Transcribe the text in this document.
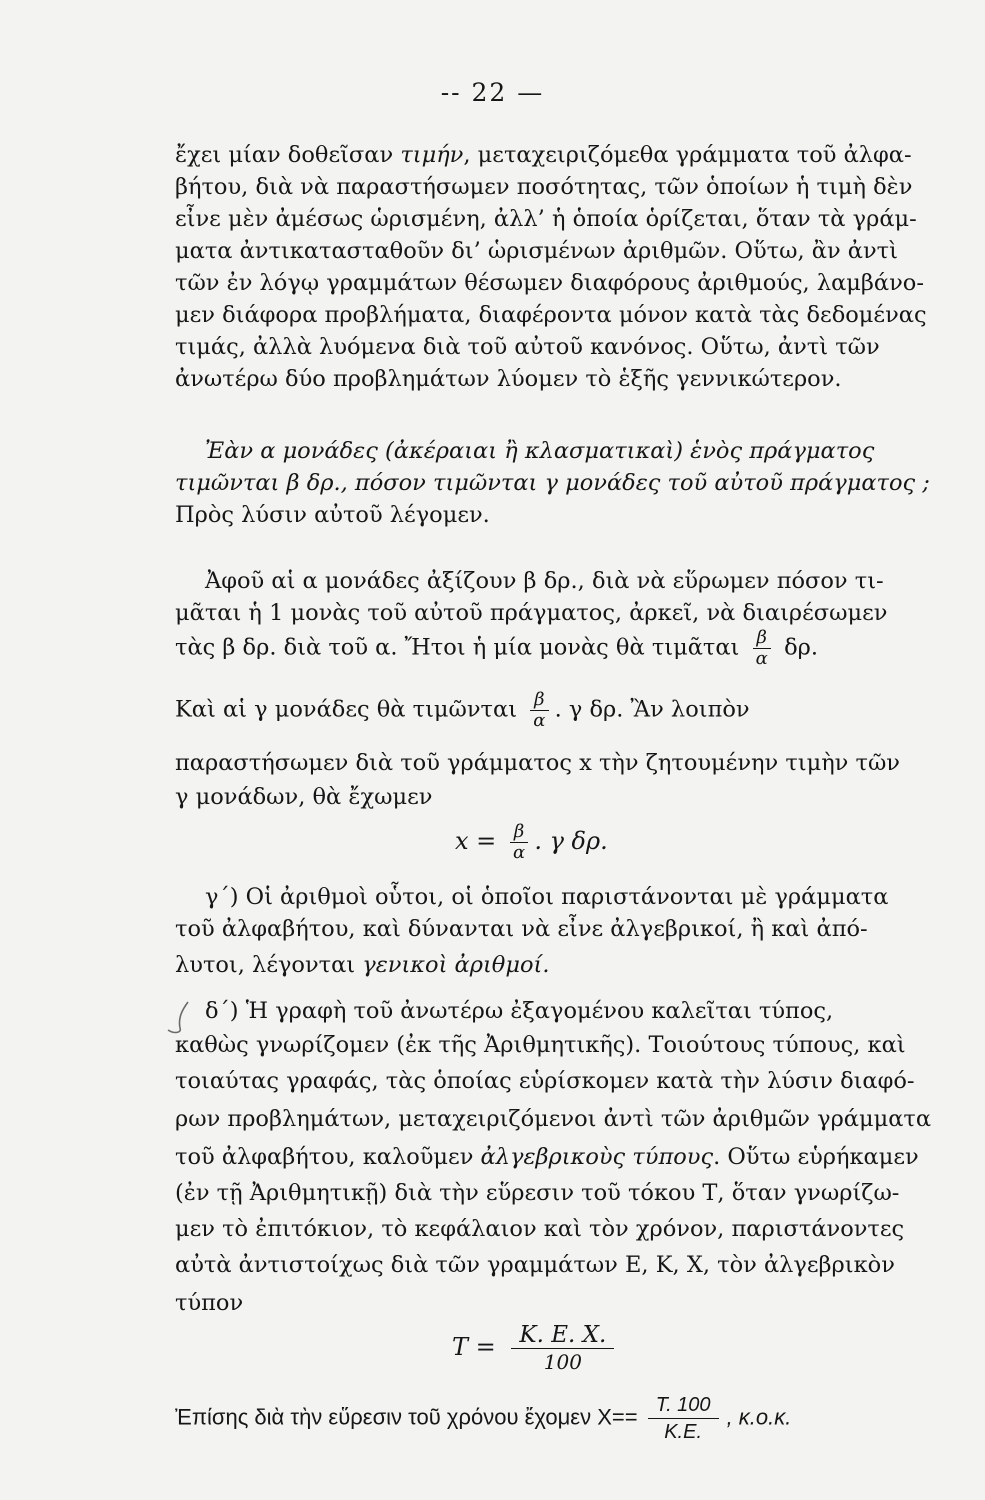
-- 22 —
ἔχει μίαν δοθεῖσαν τιμήν, μεταχειριζόμεθα γράμματα τοῦ ἀλφα-
βήτου, διὰ νὰ παραστήσωμεν ποσότητας, τῶν ὁποίων ἡ τιμὴ δὲν
εἶνε μὲν ἀμέσως ὡρισμένη, ἀλλ’ ἡ ὁποία ὁρίζεται, ὅταν τὰ γράμ-
ματα ἀντικατασταθοῦν δι’ ὡρισμένων ἀριθμῶν. Οὕτω, ἂν ἀντὶ
τῶν ἐν λόγῳ γραμμάτων θέσωμεν διαφόρους ἀριθμούς, λαμβάνο-
μεν διάφορα προβλήματα, διαφέροντα μόνον κατὰ τὰς δεδομένας
τιμάς, ἀλλὰ λυόμενα διὰ τοῦ αὐτοῦ κανόνος. Οὕτω, ἀντὶ τῶν
ἀνωτέρω δύο προβλημάτων λύομεν τὸ ἑξῆς γεννικώτερον.
Ἐὰν α μονάδες (ἀκέραιαι ἢ κλασματικαὶ) ἑνὸς πράγματος
τιμῶνται β δρ., πόσον τιμῶνται γ μονάδες τοῦ αὐτοῦ πράγματος ;
Πρὸς λύσιν αὐτοῦ λέγομεν.
Ἀφοῦ αἱ α μονάδες ἀξίζουν β δρ., διὰ νὰ εὕρωμεν πόσον τι-
μᾶται ἡ 1 μονὰς τοῦ αὐτοῦ πράγματος, ἀρκεῖ, νὰ διαιρέσωμεν
τὰς β δρ. διὰ τοῦ α. Ἤτοι ἡ μία μονὰς θὰ τιμᾶται $\frac{\beta}{\alpha} \delta\rho$.
Καὶ αἱ γ μονάδες θὰ τιμῶνται $\frac{\beta}{\alpha}$ . γ δρ. Ἂν λοιπὸν
παραστήσωμεν διὰ τοῦ γράμματος x τὴν ζητουμένην τιμὴν τῶν
γ μονάδων, θὰ ἔχωμεν
$x = \frac{\beta}{\alpha}$ . γ δρ.
γ΄) Οἱ ἀριθμοὶ οὗτοι, οἱ ὁποῖοι παριστάνονται μὲ γράμματα
τοῦ ἀλφαβήτου, καὶ δύνανται νὰ εἶνε ἀλγεβρικοί, ἢ καὶ ἀπό-
λυτοι, λέγονται γενικοὶ ἀριθμοί.
δ΄) Ἡ γραφὴ τοῦ ἀνωτέρω ἐξαγομένου καλεῖται τύπος,
καθὼς γνωρίζομεν (ἐκ τῆς Ἀριθμητικῆς). Τοιούτους τύπους, καὶ
τοιαύτας γραφάς, τὰς ὁποίας εὑρίσκομεν κατὰ τὴν λύσιν διαφό-
ρων προβλημάτων, μεταχειριζόμενοι ἀντὶ τῶν ἀριθμῶν γράμματα
τοῦ ἀλφαβήτου, καλοῦμεν ἀλγεβρικοὺς τύπους. Οὕτω εὑρήκαμεν
(ἐν τῇ Ἀριθμητικῇ) διὰ τὴν εὕρεσιν τοῦ τόκου Τ, ὅταν γνωρίζω-
μεν τὸ ἐπιτόκιον, τὸ κεφάλαιον καὶ τὸν χρόνον, παριστάνοντες
αὐτὰ ἀντιστοίχως διὰ τῶν γραμμάτων Ε, Κ, Χ, τὸν ἀλγεβρικὸν
τύπον
$T = \frac{K. E. X.}{100}$
Ἐπίσης διὰ τὴν εὕρεσιν τοῦ χρόνου ἔχομεν $X== \frac{T. 100}{K.E.}$ , κ.ο.κ.
